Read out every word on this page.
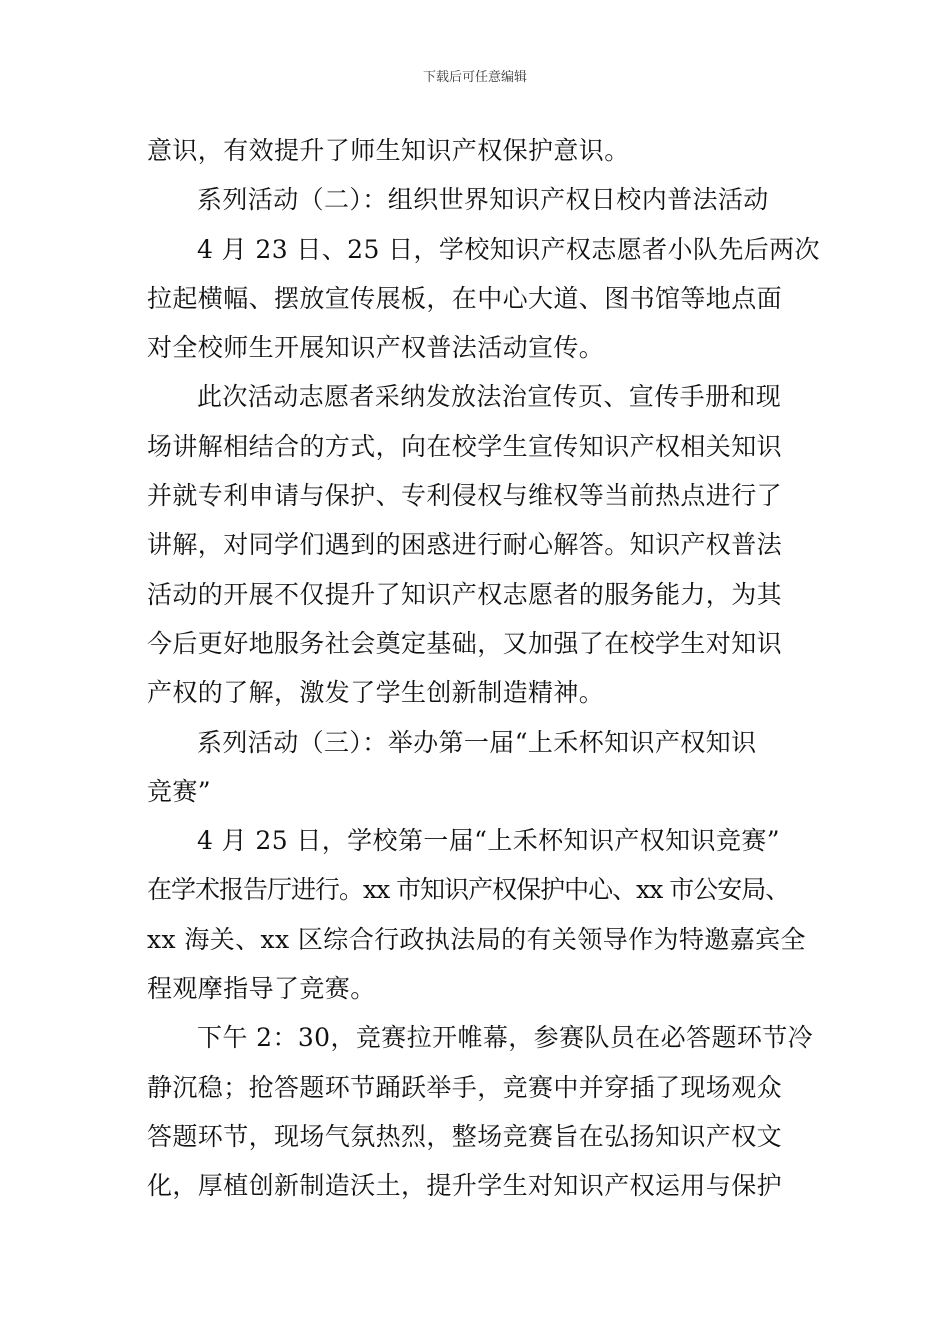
下载后可任意编辑
意识，有效提升了师生知识产权保护意识。
系列活动（二）：组织世界知识产权日校内普法活动
4 月 23 日、25 日，学校知识产权志愿者小队先后两次
拉起横幅、摆放宣传展板，在中心大道、图书馆等地点面
对全校师生开展知识产权普法活动宣传。
此次活动志愿者采纳发放法治宣传页、宣传手册和现
场讲解相结合的方式，向在校学生宣传知识产权相关知识
并就专利申请与保护、专利侵权与维权等当前热点进行了
讲解，对同学们遇到的困惑进行耐心解答。知识产权普法
活动的开展不仅提升了知识产权志愿者的服务能力，为其
今后更好地服务社会奠定基础，又加强了在校学生对知识
产权的了解，激发了学生创新制造精神。
系列活动（三）：举办第一届“上禾杯知识产权知识
竞赛”
4 月 25 日，学校第一届“上禾杯知识产权知识竞赛”
在学术报告厅进行。xx 市知识产权保护中心、xx 市公安局、
xx 海关、xx 区综合行政执法局的有关领导作为特邀嘉宾全
程观摩指导了竞赛。
下午 2：30，竞赛拉开帷幕，参赛队员在必答题环节冷
静沉稳；抢答题环节踊跃举手，竞赛中并穿插了现场观众
答题环节，现场气氛热烈，整场竞赛旨在弘扬知识产权文
化，厚植创新制造沃土，提升学生对知识产权运用与保护
